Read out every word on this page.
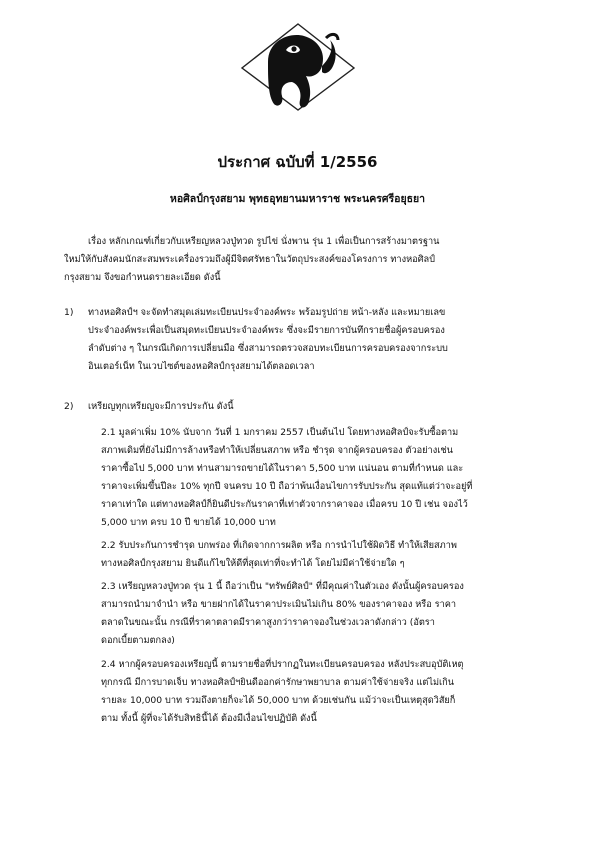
ประกาศ ฉบับที่ 1/2556
หอศิลป์กรุงสยาม พุทธอุทยานมหาราช พระนครศรีอยุธยา
เรื่อง หลักเกณฑ์เกี่ยวกับเหรียญหลวงปู่ทวด รูปไข่ นั่งพาน รุ่น 1 เพื่อเป็นการสร้างมาตรฐาน
ใหม่ให้กับสังคมนักสะสมพระเครื่องรวมถึงผู้มีจิตศรัทธาในวัตถุประสงค์ของโครงการ ทางหอศิลป์
กรุงสยาม จึงขอกำหนดรายละเอียด ดังนี้
1) ทางหอศิลป์ฯ จะจัดทำสมุดเล่มทะเบียนประจำองค์พระ พร้อมรูปถ่าย หน้า-หลัง และหมายเลข
ประจำองค์พระเพื่อเป็นสมุดทะเบียนประจำองค์พระ ซึ่งจะมีรายการบันทึกรายชื่อผู้ครอบครอง
ลำดับต่าง ๆ ในกรณีเกิดการเปลี่ยนมือ ซึ่งสามารถตรวจสอบทะเบียนการครอบครองจากระบบ
อินเตอร์เน็ท ในเวบไซต์ของหอศิลป์กรุงสยามได้ตลอดเวลา
2) เหรียญทุกเหรียญจะมีการประกัน ดังนี้
2.1 มูลค่าเพิ่ม 10% นับจาก วันที่ 1 มกราคม 2557 เป็นต้นไป โดยทางหอศิลป์จะรับซื้อตาม
สภาพเดิมที่ยังไม่มีการล้างหรือทำให้เปลี่ยนสภาพ หรือ ชำรุด จากผู้ครอบครอง ตัวอย่างเช่น
ราคาซื้อไป 5,000 บาท ท่านสามารถขายได้ในราคา 5,500 บาท แน่นอน ตามที่กำหนด และ
ราคาจะเพิ่มขึ้นปีละ 10% ทุกปี จนครบ 10 ปี ถือว่าพ้นเงื่อนไขการรับประกัน สุดแท้แต่ว่าจะอยู่ที่
ราคาเท่าใด แต่ทางหอศิลป์ก็ยินดีประกันราคาที่เท่าตัวจากราคาจอง เมื่อครบ 10 ปี เช่น จองไว้
5,000 บาท ครบ 10 ปี ขายได้ 10,000 บาท
2.2 รับประกันการชำรุด บกพร่อง ที่เกิดจากการผลิต หรือ การนำไปใช้ผิดวิธี ทำให้เสียสภาพ
ทางหอศิลป์กรุงสยาม ยินดีแก้ไขให้ดีที่สุดเท่าที่จะทำได้ โดยไม่มีค่าใช้จ่ายใด ๆ
2.3 เหรียญหลวงปู่ทวด รุ่น 1 นี้ ถือว่าเป็น "ทรัพย์ศิลป์" ที่มีคุณค่าในตัวเอง ดังนั้นผู้ครอบครอง
สามารถนำมาจำนำ หรือ ขายฝากได้ในราคาประเมินไม่เกิน 80% ของราคาจอง หรือ ราคา
ตลาดในขณะนั้น กรณีที่ราคาตลาดมีราคาสูงกว่าราคาจองในช่วงเวลาดังกล่าว (อัตรา
ดอกเบี้ยตามตกลง)
2.4 หากผู้ครอบครองเหรียญนี้ ตามรายชื่อที่ปรากฏในทะเบียนครอบครอง หลังประสบอุบัติเหตุ
ทุกกรณี มีการบาดเจ็บ ทางหอศิลป์ฯยินดีออกค่ารักษาพยาบาล ตามค่าใช้จ่ายจริง แต่ไม่เกิน
รายละ 10,000 บาท รวมถึงตายก็จะได้ 50,000 บาท ด้วยเช่นกัน แม้ว่าจะเป็นเหตุสุดวิสัยก็
ตาม ทั้งนี้ ผู้ที่จะได้รับสิทธินี้ได้ ต้องมีเงื่อนไขปฏิบัติ ดังนี้
